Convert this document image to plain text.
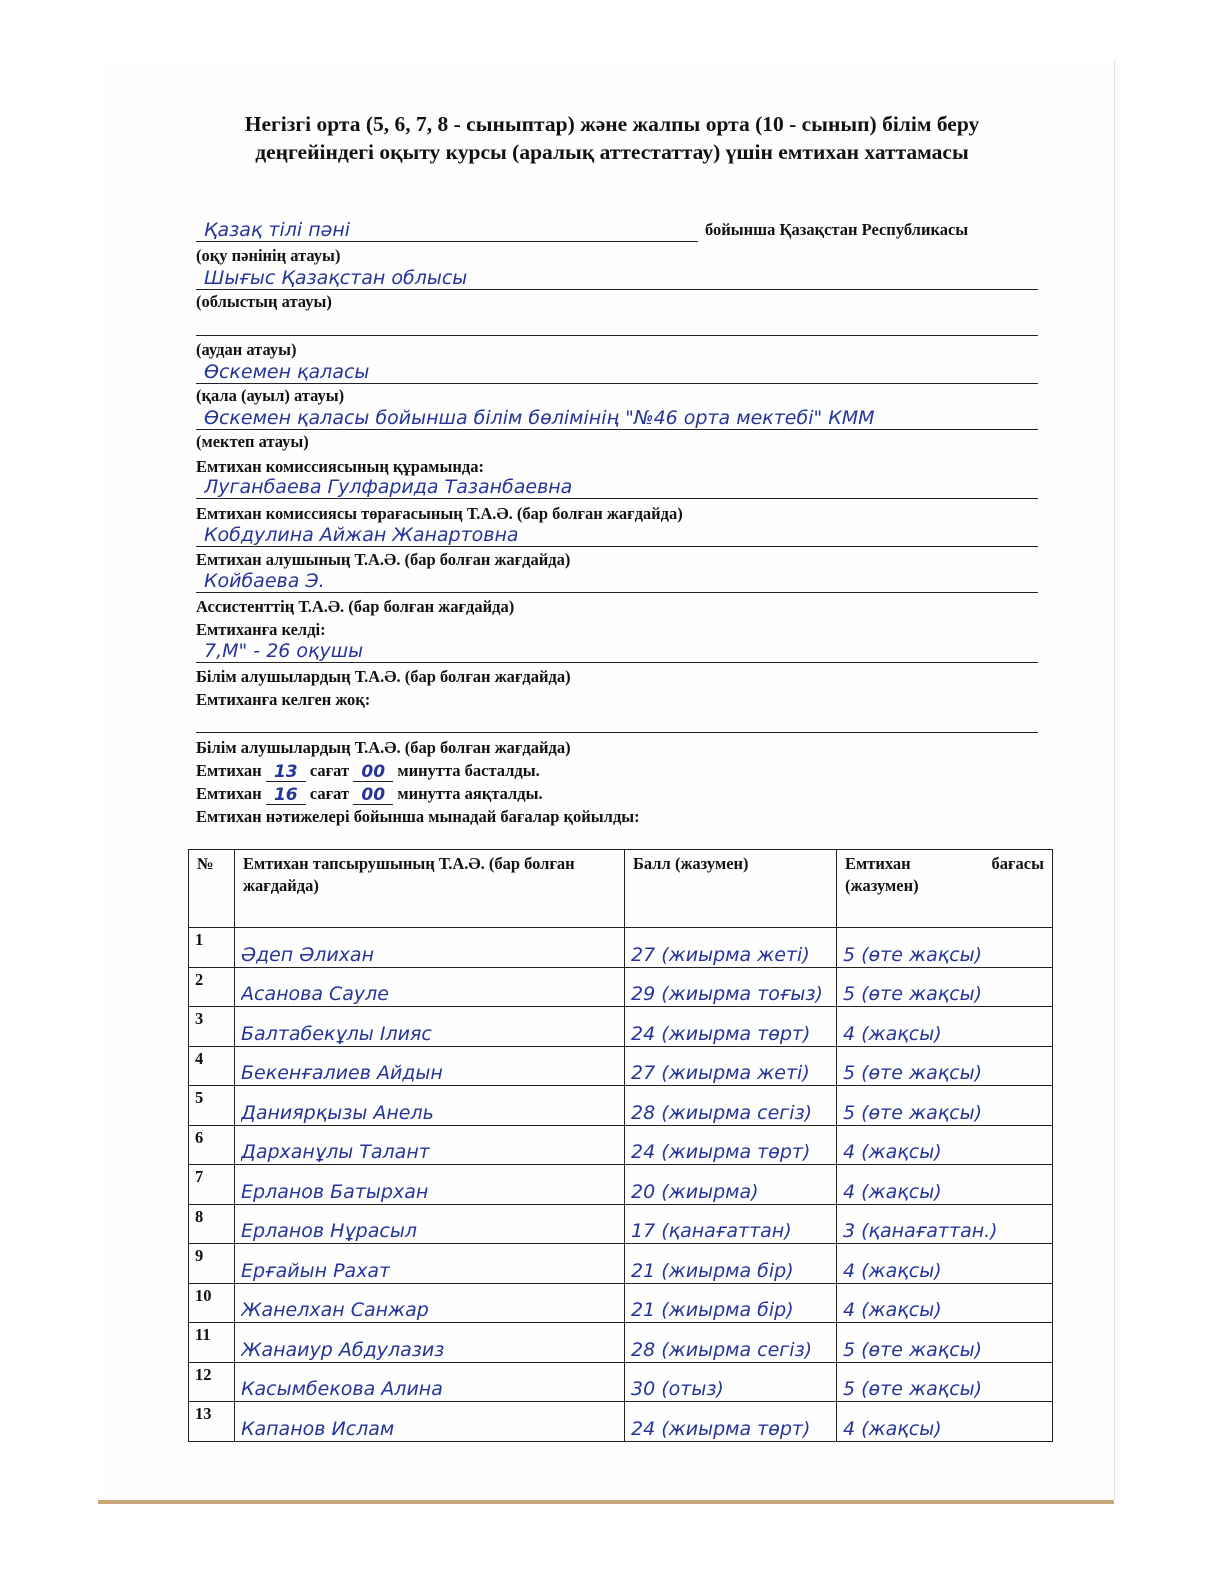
Негізгі орта (5, 6, 7, 8 - сыныптар) және жалпы орта (10 - сынып) білім беру
деңгейіндегі оқыту курсы (аралық аттестаттау) үшін емтихан хаттамасы
Қазақ тілі пәні	бойынша Қазақстан Республикасы
(оқу пәнінің атауы)
Шығыс Қазақстан облысы
(облыстың атауы)
(аудан атауы)
Өскемен қаласы
(қала (ауыл) атауы)
Өскемен қаласы бойынша білім бөлімінің "№46 орта мектебі" КММ
(мектеп атауы)
Емтихан комиссиясының құрамында:
Луганбаева Гулфарида Тазанбаевна
Емтихан комиссиясы төрағасының Т.А.Ә. (бар болған жағдайда)
Кобдулина Айжан Жанартовна
Емтихан алушының Т.А.Ә. (бар болған жағдайда)
Койбаева Э.
Ассистенттің Т.А.Ә. (бар болған жағдайда)
Емтиханға келді:
7,М" - 26 оқушы
Білім алушылардың Т.А.Ә. (бар болған жағдайда)
Емтиханға келген жоқ:
Білім алушылардың Т.А.Ә. (бар болған жағдайда)
Емтихан 13 сағат 00 минутта басталды.
Емтихан 16 сағат 00 минутта аяқталды.
Емтихан нәтижелері бойынша мынадай бағалар қойылды:
№	Емтихан тапсырушының Т.А.Ә. (бар болған жағдайда)	Балл (жазумен)	Емтихан бағасы
(жазумен)

1	Әдеп Әлихан	27 (жиырма жеті)	5 (өте жақсы)

2	Асанова Сауле	29 (жиырма тоғыз)	5 (өте жақсы)

3	Балтабекұлы Ілияс	24 (жиырма төрт)	4 (жақсы)

4	Бекенғалиев Айдын	27 (жиырма жеті)	5 (өте жақсы)

5	Даниярқызы Анель	28 (жиырма сегіз)	5 (өте жақсы)

6	Дарханұлы Талант	24 (жиырма төрт)	4 (жақсы)

7	Ерланов Батырхан	20 (жиырма)	4 (жақсы)

8	Ерланов Нұрасыл	17 (қанағаттан)	3 (қанағаттан.)

9	Ерғайын Рахат	21 (жиырма бір)	4 (жақсы)

10	Жанелхан Санжар	21 (жиырма бір)	4 (жақсы)

11	Жанаиур Абдулазиз	28 (жиырма сегіз)	5 (өте жақсы)

12	Касымбекова Алина	30 (отыз)	5 (өте жақсы)

13	Капанов Ислам	24 (жиырма төрт)	4 (жақсы)
